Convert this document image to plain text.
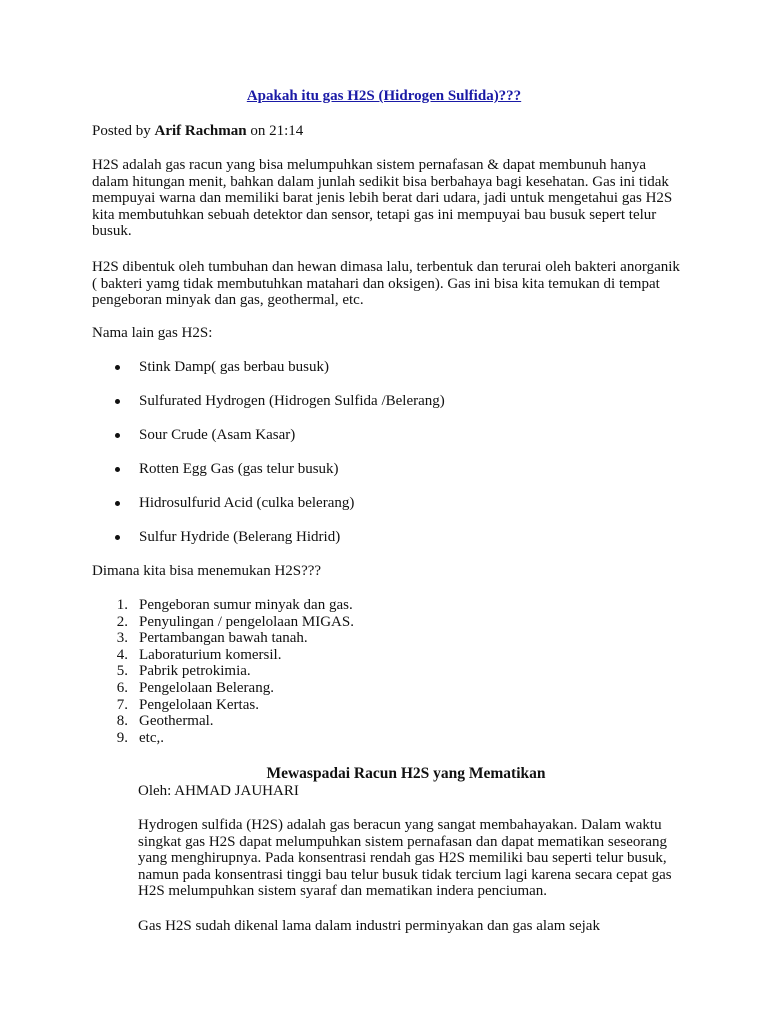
Apakah itu gas H2S (Hidrogen Sulfida)???
Posted by Arif Rachman on 21:14

H2S adalah gas racun yang bisa melumpuhkan sistem pernafasan & dapat membunuh hanya dalam hitungan menit, bahkan dalam junlah sedikit bisa berbahaya bagi kesehatan. Gas ini tidak mempuyai warna dan memiliki barat jenis lebih berat dari udara, jadi untuk mengetahui gas H2S kita membutuhkan sebuah detektor dan sensor, tetapi gas ini mempuyai bau busuk sepert telur busuk.

H2S dibentuk oleh tumbuhan dan hewan dimasa lalu, terbentuk dan terurai oleh bakteri anorganik ( bakteri yamg tidak membutuhkan matahari dan oksigen). Gas ini bisa kita temukan di tempat pengeboran minyak dan gas, geothermal, etc.

Nama lain gas H2S:

Stink Damp( gas berbau busuk)
Sulfurated Hydrogen (Hidrogen Sulfida /Belerang)
Sour Crude (Asam Kasar)
Rotten Egg Gas (gas telur busuk)
Hidrosulfurid Acid (culka belerang)
Sulfur Hydride (Belerang Hidrid)

Dimana kita bisa menemukan H2S???

1. Pengeboran sumur minyak dan gas.
2. Penyulingan / pengelolaan MIGAS.
3. Pertambangan bawah tanah.
4. Laboraturium komersil.
5. Pabrik petrokimia.
6. Pengelolaan Belerang.
7. Pengelolaan Kertas.
8. Geothermal.
9. etc,.
Mewaspadai Racun H2S yang Mematikan
Oleh: AHMAD JAUHARI

Hydrogen sulfida (H2S) adalah gas beracun yang sangat membahayakan. Dalam waktu singkat gas H2S dapat melumpuhkan sistem pernafasan dan dapat mematikan seseorang yang menghirupnya. Pada konsentrasi rendah gas H2S memiliki bau seperti telur busuk, namun pada konsentrasi tinggi bau telur busuk tidak tercium lagi karena secara cepat gas H2S melumpuhkan sistem syaraf dan mematikan indera penciuman.

Gas H2S sudah dikenal lama dalam industri perminyakan dan gas alam sejak
